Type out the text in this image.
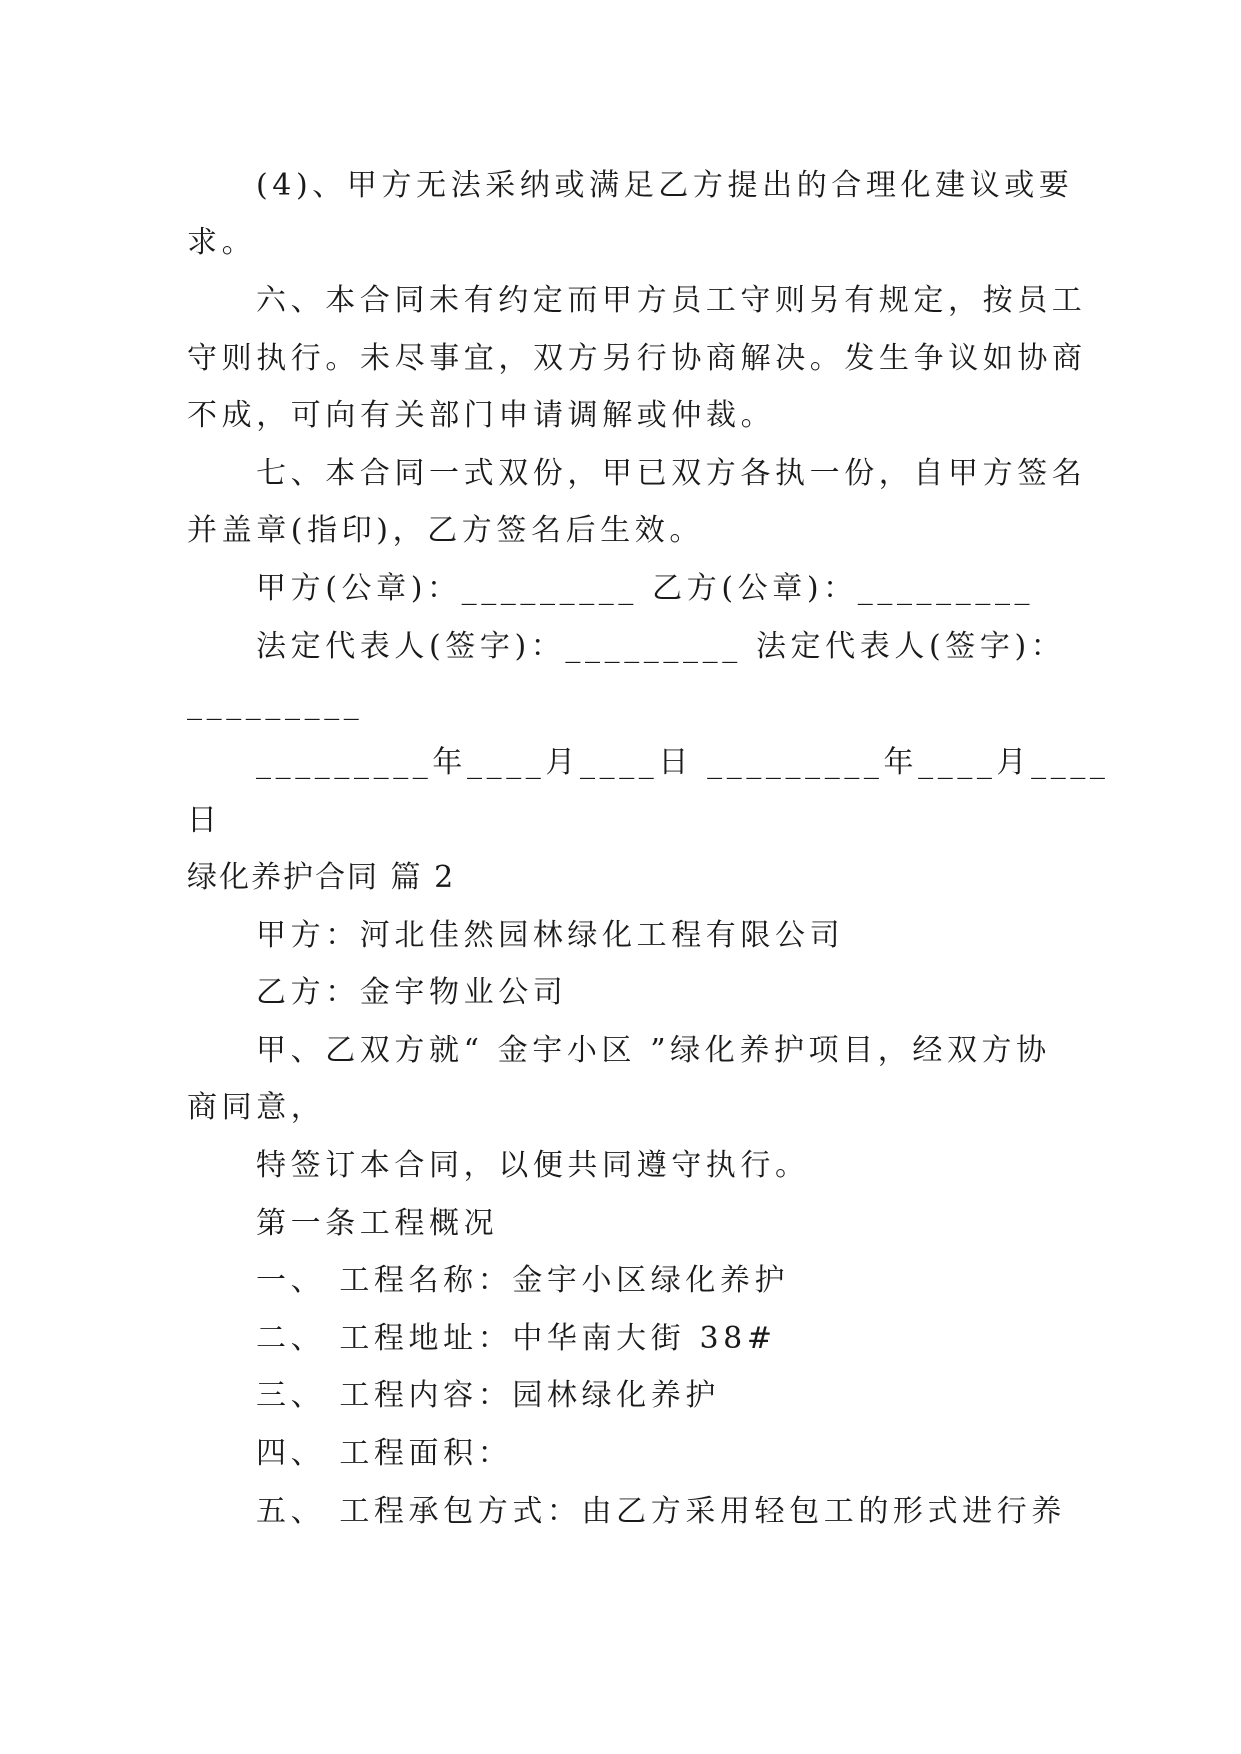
(4)、甲方无法采纳或满足乙方提出的合理化建议或要
求。
六、本合同未有约定而甲方员工守则另有规定，按员工
守则执行。未尽事宜，双方另行协商解决。发生争议如协商
不成，可向有关部门申请调解或仲裁。
七、本合同一式双份，甲已双方各执一份，自甲方签名
并盖章(指印)，乙方签名后生效。
甲方(公章)：_________ 乙方(公章)：_________
法定代表人(签字)：_________ 法定代表人(签字)：
_________
_________年____月____日 _________年____月____
日
绿化养护合同 篇 2
甲方：河北佳然园林绿化工程有限公司
乙方：金宇物业公司
甲、乙双方就“ 金宇小区 ”绿化养护项目，经双方协
商同意，
特签订本合同，以便共同遵守执行。
第一条工程概况
一、 工程名称：金宇小区绿化养护
二、 工程地址：中华南大街 38#
三、 工程内容：园林绿化养护
四、 工程面积：
五、 工程承包方式：由乙方采用轻包工的形式进行养
